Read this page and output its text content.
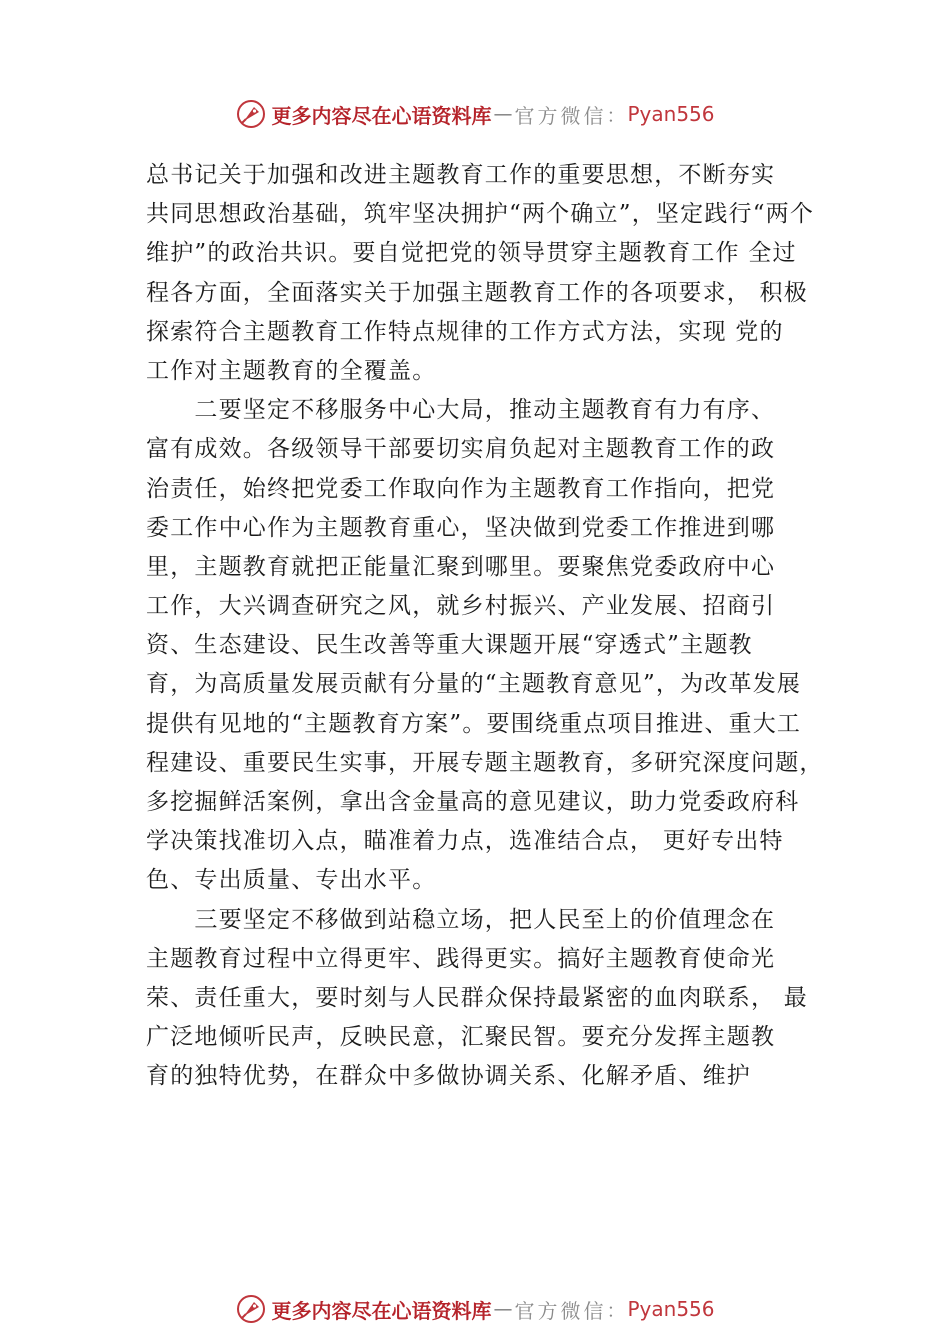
更多内容尽在心语资料库 — 官方微信 ： Pyan556
总书记关于加强和改进主题教育工作的重要思想，不断夯实
共同思想政治基础，筑牢坚决拥护“两个确立”，坚定践行“两个
维护”的政治共识。要自觉把党的领导贯穿主题教育工作 全过
程各方面，全面落实关于加强主题教育工作的各项要求， 积极
探索符合主题教育工作特点规律的工作方式方法，实现 党的
工作对主题教育的全覆盖。
　　二要坚定不移服务中心大局，推动主题教育有力有序、
富有成效。各级领导干部要切实肩负起对主题教育工作的政
治责任，始终把党委工作取向作为主题教育工作指向，把党
委工作中心作为主题教育重心，坚决做到党委工作推进到哪
里，主题教育就把正能量汇聚到哪里。要聚焦党委政府中心
工作，大兴调查研究之风，就乡村振兴、产业发展、招商引
资、生态建设、民生改善等重大课题开展“穿透式”主题教
育，为高质量发展贡献有分量的“主题教育意见”，为改革发展
提供有见地的“主题教育方案”。要围绕重点项目推进、重大工
程建设、重要民生实事，开展专题主题教育，多研究深度问题，
多挖掘鲜活案例，拿出含金量高的意见建议，助力党委政府科
学决策找准切入点，瞄准着力点，选准结合点， 更好专出特
色、专出质量、专出水平。
　　三要坚定不移做到站稳立场，把人民至上的价值理念在
主题教育过程中立得更牢、践得更实。搞好主题教育使命光
荣、责任重大，要时刻与人民群众保持最紧密的血肉联系， 最
广泛地倾听民声，反映民意，汇聚民智。要充分发挥主题教
育的独特优势，在群众中多做协调关系、化解矛盾、维护
更多内容尽在心语资料库 — 官方微信 ： Pyan556
